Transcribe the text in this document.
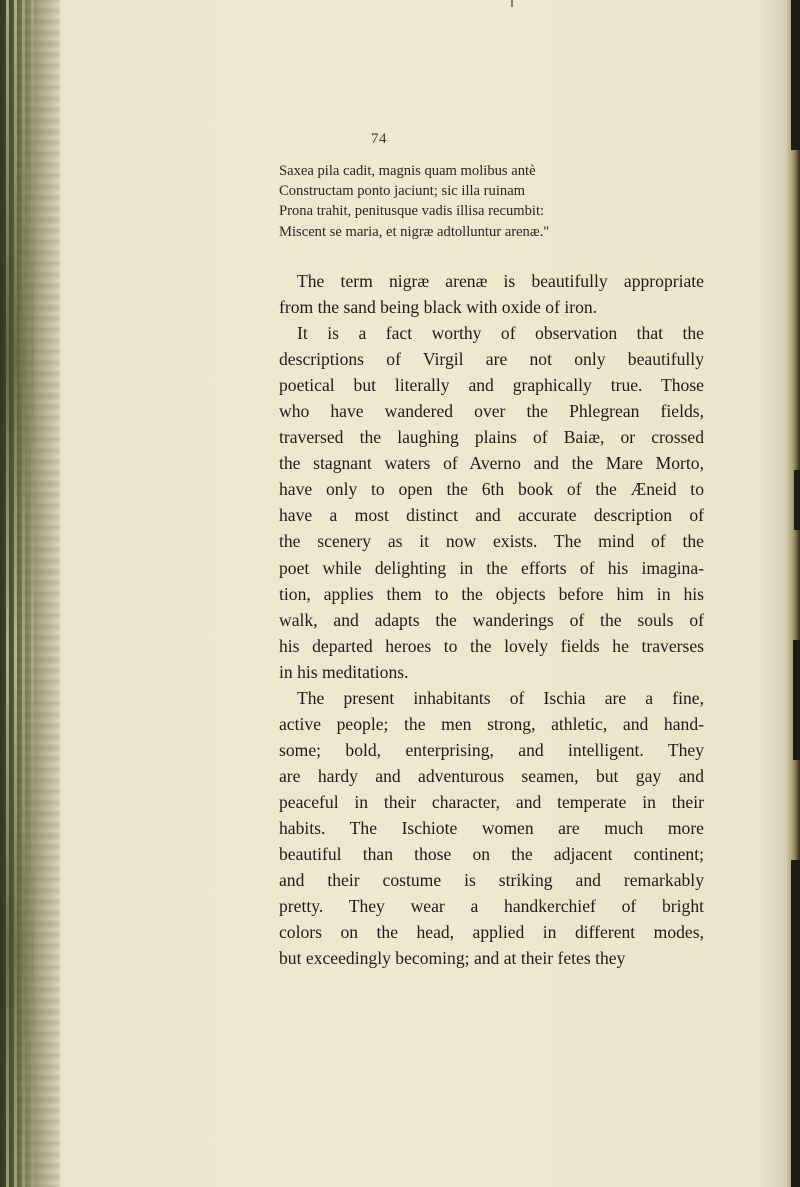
74
Saxea pila cadit, magnis quam molibus antè
Constructam ponto jaciunt; sic illa ruinam
Prona trahit, penitusque vadis illisa recumbit:
Miscent se maria, et nigræ adtolluntur arenæ."
The term nigræ arenæ is beautifully appropriate
from the sand being black with oxide of iron.
It is a fact worthy of observation that the
descriptions of Virgil are not only beautifully
poetical but literally and graphically true. Those
who have wandered over the Phlegrean fields,
traversed the laughing plains of Baiæ, or crossed
the stagnant waters of Averno and the Mare Morto,
have only to open the 6th book of the Æneid to
have a most distinct and accurate description of
the scenery as it now exists. The mind of the
poet while delighting in the efforts of his imagina-
tion, applies them to the objects before him in his
walk, and adapts the wanderings of the souls of
his departed heroes to the lovely fields he traverses
in his meditations.
The present inhabitants of Ischia are a fine,
active people; the men strong, athletic, and hand-
some; bold, enterprising, and intelligent. They
are hardy and adventurous seamen, but gay and
peaceful in their character, and temperate in their
habits. The Ischiote women are much more
beautiful than those on the adjacent continent;
and their costume is striking and remarkably
pretty. They wear a handkerchief of bright
colors on the head, applied in different modes,
but exceedingly becoming; and at their fetes they
